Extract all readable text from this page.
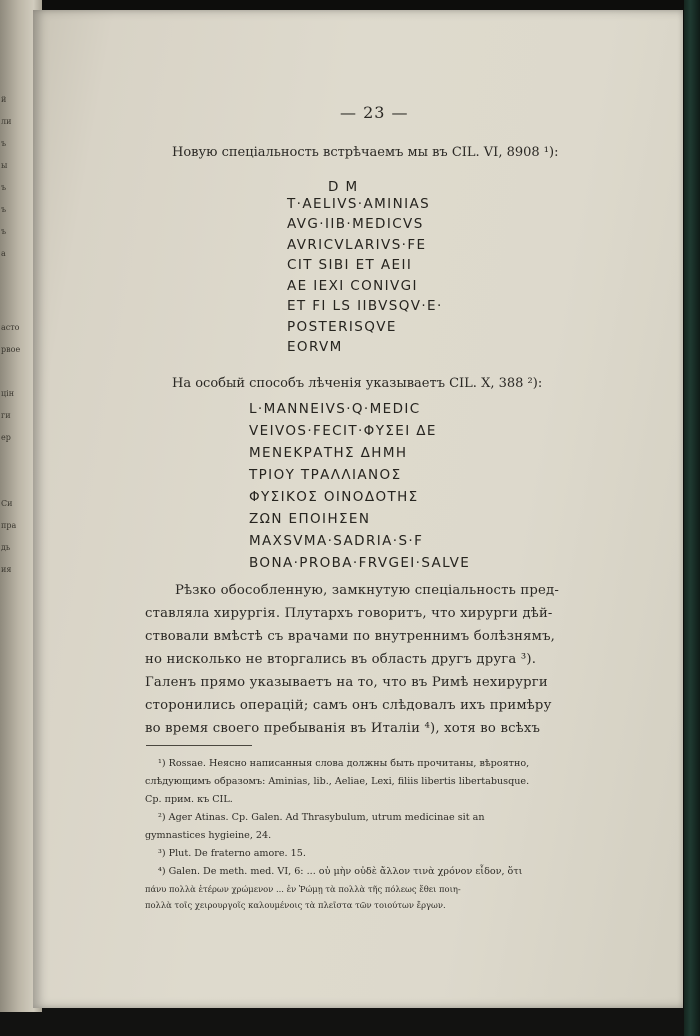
й
ли
ъ
ы
ъ
ъ
ъ
а
асто
рвое
цін
ги
ер
Си
пра
дь
ия
— 23 —
Новую спеціальность встрѣчаемъ мы въ CIL. VI, 8908 ¹):
D M
T·AELIVS·AMINIAS
AVG·IIB·MEDICVS
AVRICVLARIVS·FE
CIT SIBI ET AEII
AE IEXI CONIVGI
ET FI LS IIBVSQV·E·
POSTERISQVE
EORVM
На особый способъ лѣченія указываетъ CIL. X, 388 ²):
L·MANNEIVS·Q·MEDIC
VEIVOS·FECIT·ΦΥΣΕΙ ΔΕ
ΜΕΝΕΚΡΑΤΗΣ ΔΗΜΗ
ΤΡΙΟΥ ΤΡΑΛΛΙΑΝΟΣ
ΦΥΣΙΚΟΣ ΟΙΝΟΔΟΤΗΣ
ΖΩΝ ΕΠΟΙΗΣΕΝ
MAXSVMA·SADRIA·S·F
BONA·PROBA·FRVGEI·SALVE
Рѣзко обособленную, замкнутую спеціальность пред-
ставляла хирургія. Плутархъ говоритъ, что хирурги дѣй-
ствовали вмѣстѣ съ врачами по внутреннимъ болѣзнямъ,
но нисколько не вторгались въ область другъ друга ³).
Галенъ прямо указываетъ на то, что въ Римѣ нехирурги
сторонились операцій; самъ онъ слѣдовалъ ихъ примѣру
во время своего пребыванія въ Италіи ⁴), хотя во всѣхъ
¹) Rossae. Неясно написанныя слова должны быть прочитаны, вѣроятно,
слѣдующимъ образомъ: Aminias, lib., Aeliae, Lexi, filiis libertis libertabusque.
Ср. прим. къ CIL.
²) Ager Atinas. Cp. Galen. Ad Thrasybulum, utrum medicinae sit an
gymnastices hygieine, 24.
³) Plut. De fraterno amore. 15.
⁴) Galen. De meth. med. VI, 6: ... οὐ μὴν οὐδὲ ἄλλον τινὰ χρόνον εἶδον, ὅτι
πάνυ πολλὰ ἑτέρων χρώμενον ... ἐν Ῥώμῃ τὰ πολλὰ τῆς πόλεως ἔθει ποιη-
πολλὰ τοῖς χειρουργοῖς καλουμένοις τὰ πλεῖστα τῶν τοιούτων ἔργων.
